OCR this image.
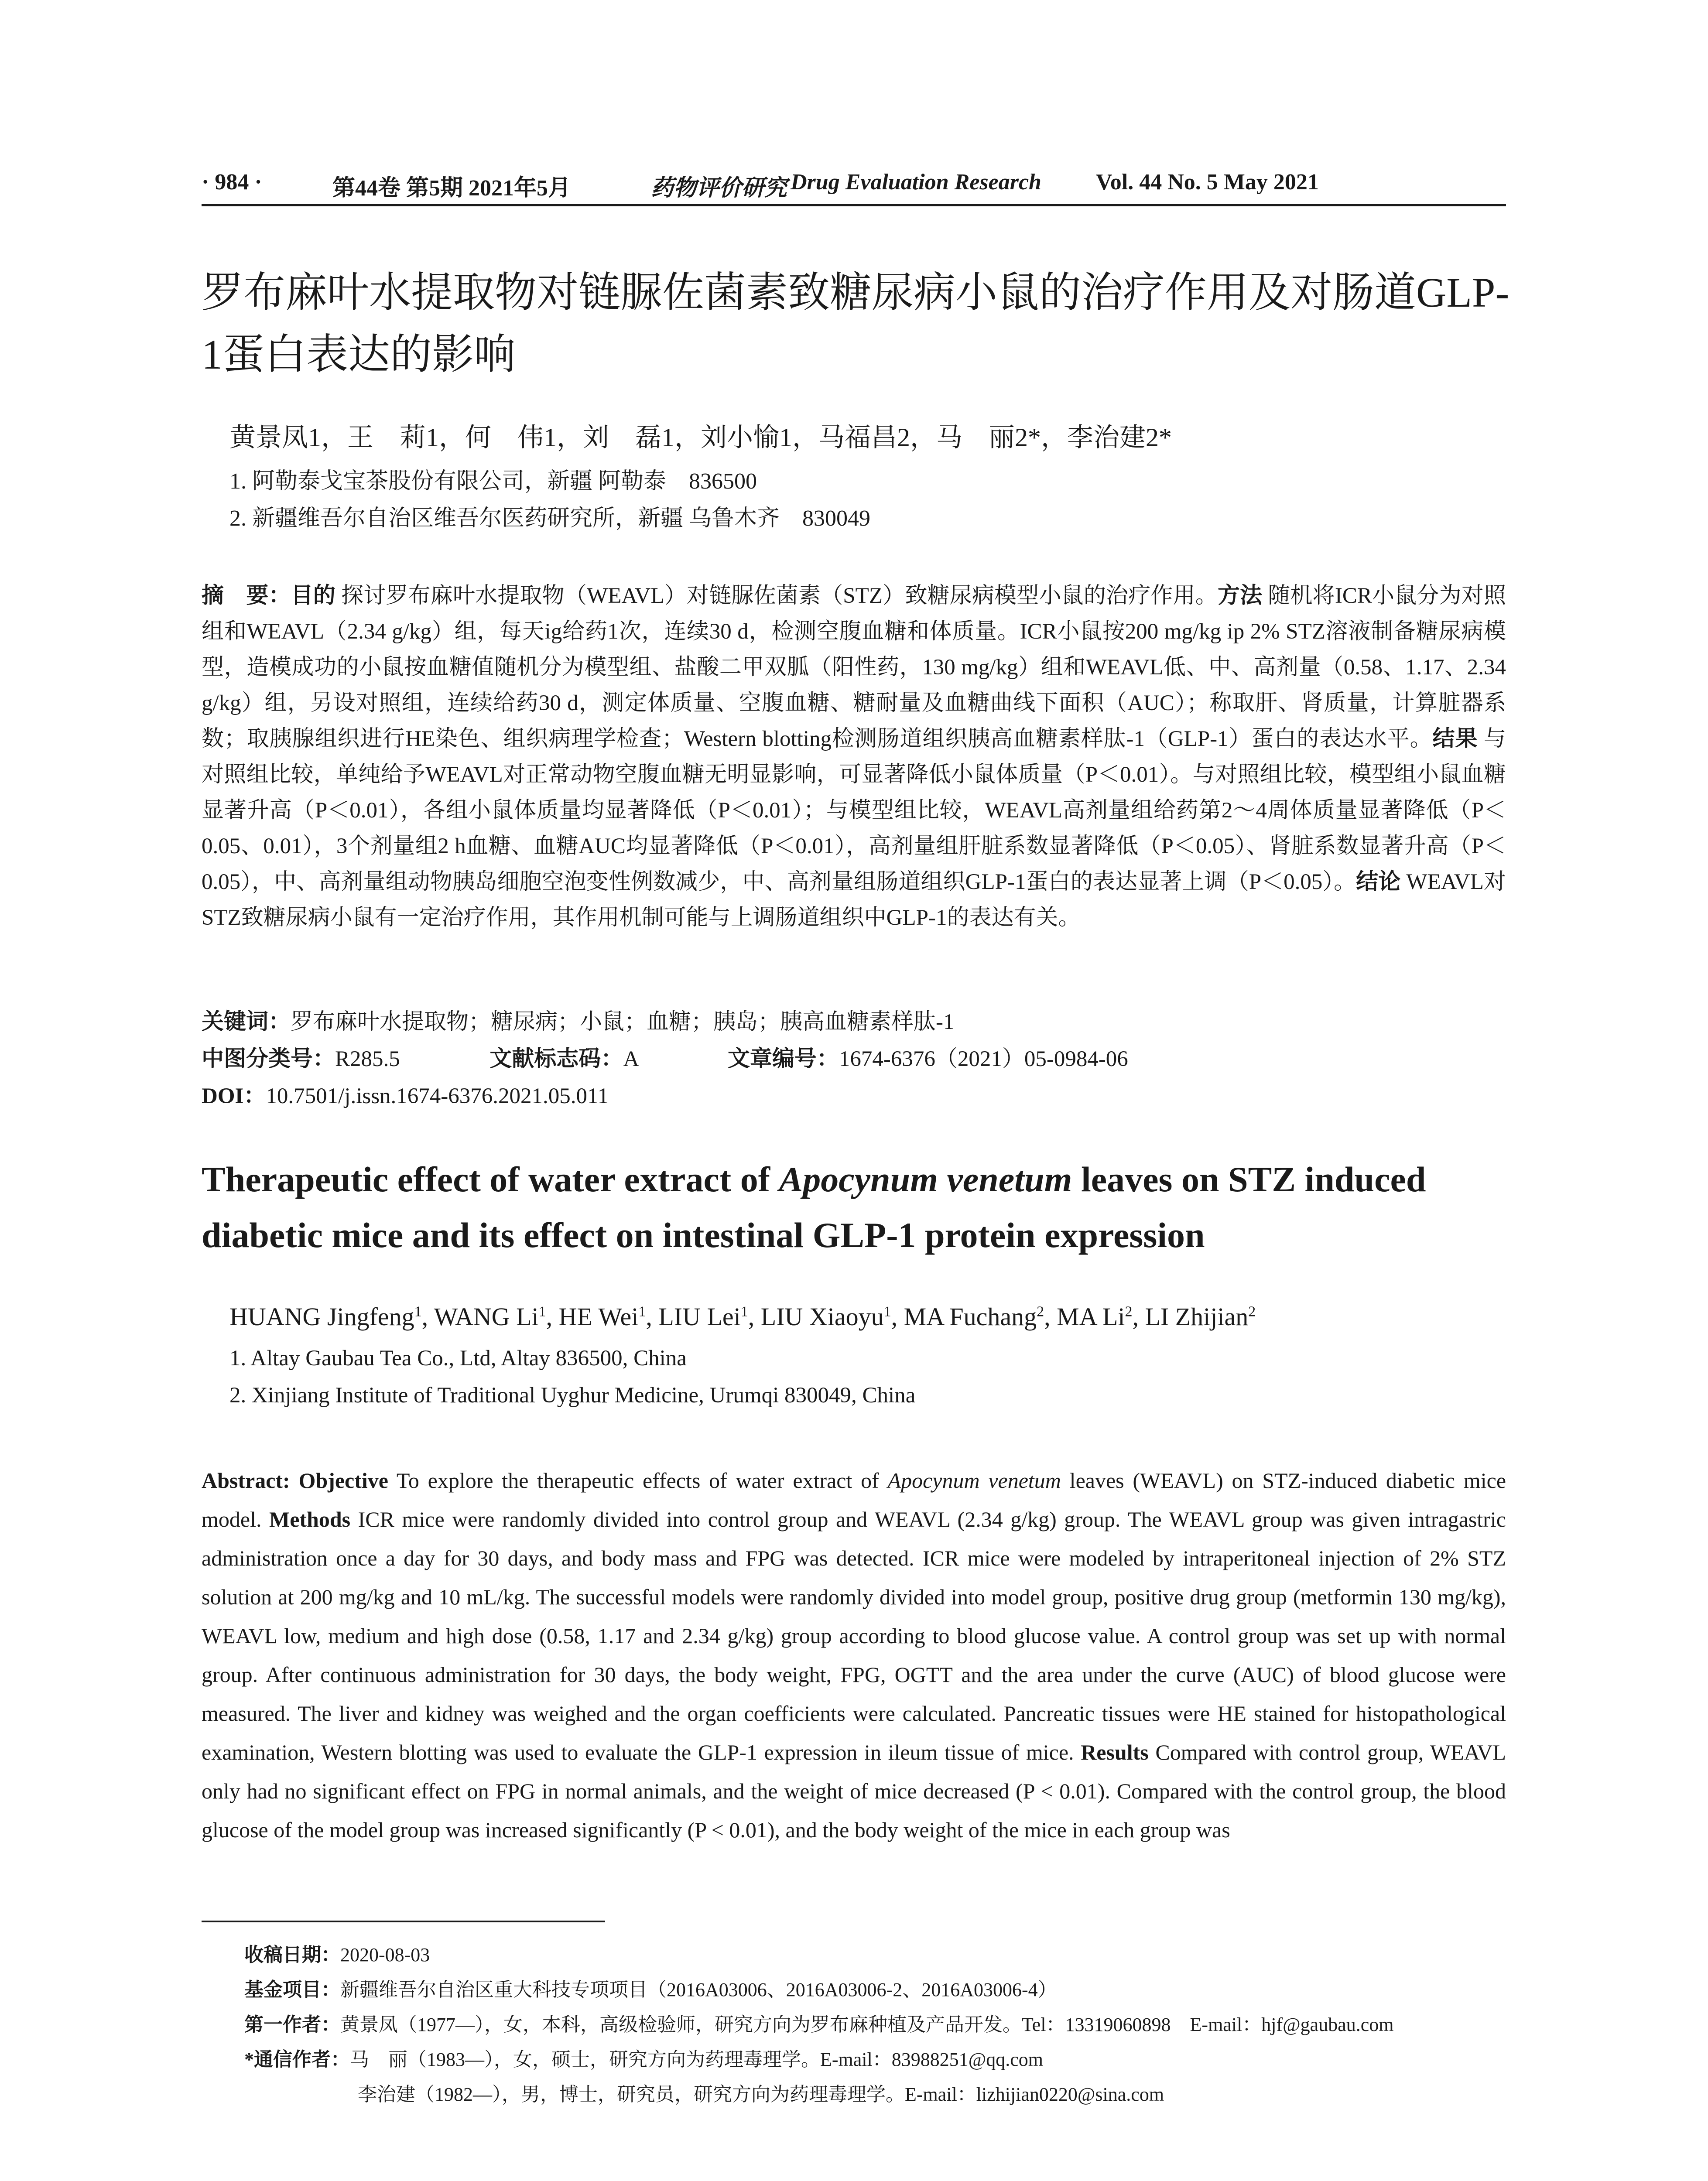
· 984 ·	第44卷 第5期 2021年5月	药物评价研究 Drug Evaluation Research Vol. 44 No. 5 May 2021
罗布麻叶水提取物对链脲佐菌素致糖尿病小鼠的治疗作用及对肠道GLP-1蛋白表达的影响
黄景凤1，王　莉1，何　伟1，刘　磊1，刘小愉1，马福昌2，马　丽2*，李治建2*
1. 阿勒泰戈宝茶股份有限公司，新疆 阿勒泰　836500
2. 新疆维吾尔自治区维吾尔医药研究所，新疆 乌鲁木齐　830049
摘　要：目的 探讨罗布麻叶水提取物（WEAVL）对链脲佐菌素（STZ）致糖尿病模型小鼠的治疗作用。方法 随机将ICR小鼠分为对照组和WEAVL（2.34 g/kg）组，每天ig给药1次，连续30 d，检测空腹血糖和体质量。ICR小鼠按200 mg/kg ip 2% STZ溶液制备糖尿病模型，造模成功的小鼠按血糖值随机分为模型组、盐酸二甲双胍（阳性药，130 mg/kg）组和WEAVL低、中、高剂量（0.58、1.17、2.34 g/kg）组，另设对照组，连续给药30 d，测定体质量、空腹血糖、糖耐量及血糖曲线下面积（AUC）；称取肝、肾质量，计算脏器系数；取胰腺组织进行HE染色、组织病理学检查；Western blotting检测肠道组织胰高血糖素样肽-1（GLP-1）蛋白的表达水平。结果 与对照组比较，单纯给予WEAVL对正常动物空腹血糖无明显影响，可显著降低小鼠体质量（P＜0.01）。与对照组比较，模型组小鼠血糖显著升高（P＜0.01），各组小鼠体质量均显著降低（P＜0.01）；与模型组比较，WEAVL高剂量组给药第2～4周体质量显著降低（P＜0.05、0.01），3个剂量组2 h血糖、血糖AUC均显著降低（P＜0.01），高剂量组肝脏系数显著降低（P＜0.05）、肾脏系数显著升高（P＜0.05），中、高剂量组动物胰岛细胞空泡变性例数减少，中、高剂量组肠道组织GLP-1蛋白的表达显著上调（P＜0.05）。结论 WEAVL对STZ致糖尿病小鼠有一定治疗作用，其作用机制可能与上调肠道组织中GLP-1的表达有关。
关键词：罗布麻叶水提取物；糖尿病；小鼠；血糖；胰岛；胰高血糖素样肽-1
中图分类号：R285.5	文献标志码：A	文章编号：1674-6376（2021）05-0984-06
DOI：10.7501/j.issn.1674-6376.2021.05.011
Therapeutic effect of water extract of Apocynum venetum leaves on STZ induced diabetic mice and its effect on intestinal GLP-1 protein expression
HUANG Jingfeng$^1$, WANG Li$^1$, HE Wei$^1$, LIU Lei$^1$, LIU Xiaoyu$^1$, MA Fuchang$^2$, MA Li$^2$, LI Zhijian$^2$
1. Altay Gaubau Tea Co., Ltd, Altay 836500, China
2. Xinjiang Institute of Traditional Uyghur Medicine, Urumqi 830049, China
Abstract: Objective To explore the therapeutic effects of water extract of Apocynum venetum leaves (WEAVL) on STZ-induced diabetic mice model. Methods ICR mice were randomly divided into control group and WEAVL (2.34 g/kg) group. The WEAVL group was given intragastric administration once a day for 30 days, and body mass and FPG was detected. ICR mice were modeled by intraperitoneal injection of 2% STZ solution at 200 mg/kg and 10 mL/kg. The successful models were randomly divided into model group, positive drug group (metformin 130 mg/kg), WEAVL low, medium and high dose (0.58, 1.17 and 2.34 g/kg) group according to blood glucose value. A control group was set up with normal group. After continuous administration for 30 days, the body weight, FPG, OGTT and the area under the curve (AUC) of blood glucose were measured. The liver and kidney was weighed and the organ coefficients were calculated. Pancreatic tissues were HE stained for histopathological examination, Western blotting was used to evaluate the GLP-1 expression in ileum tissue of mice. Results Compared with control group, WEAVL only had no significant effect on FPG in normal animals, and the weight of mice decreased (P < 0.01). Compared with the control group, the blood glucose of the model group was increased significantly (P < 0.01), and the body weight of the mice in each group was
收稿日期：2020-08-03
基金项目：新疆维吾尔自治区重大科技专项项目（2016A03006、2016A03006-2、2016A03006-4）
第一作者：黄景凤（1977—），女，本科，高级检验师，研究方向为罗布麻种植及产品开发。Tel：13319060898　E-mail：hjf@gaubau.com
*通信作者：马　丽（1983—），女，硕士，研究方向为药理毒理学。E-mail：83988251@qq.com
李治建（1982—），男，博士，研究员，研究方向为药理毒理学。E-mail：lizhijian0220@sina.com
